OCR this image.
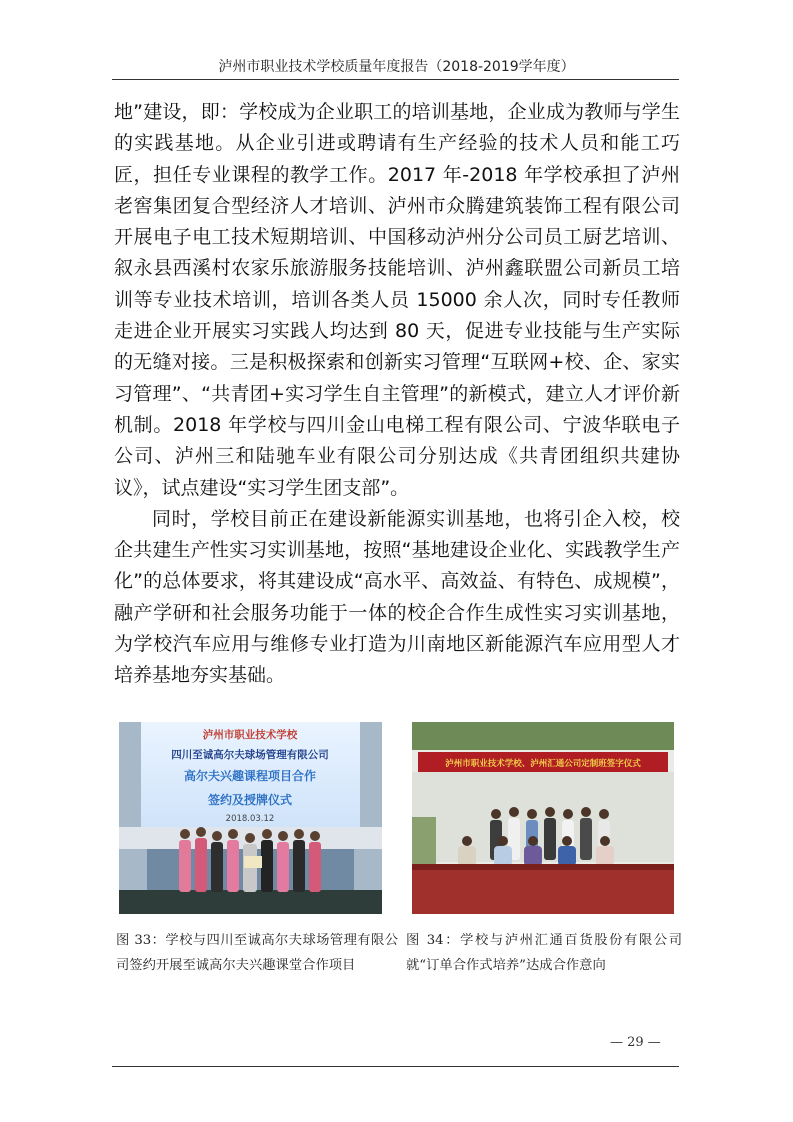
泸州市职业技术学校质量年度报告（2018-2019学年度）

地”建设，即：学校成为企业职工的培训基地，企业成为教师与学生的实践基地。从企业引进或聘请有生产经验的技术人员和能工巧匠，担任专业课程的教学工作。2017 年-2018 年学校承担了泸州老窖集团复合型经济人才培训、泸州市众腾建筑装饰工程有限公司开展电子电工技术短期培训、中国移动泸州分公司员工厨艺培训、叙永县西溪村农家乐旅游服务技能培训、泸州鑫联盟公司新员工培训等专业技术培训，培训各类人员 15000 余人次，同时专任教师走进企业开展实习实践人均达到 80 天，促进专业技能与生产实际的无缝对接。三是积极探索和创新实习管理“互联网+校、企、家实习管理”、“共青团+实习学生自主管理”的新模式，建立人才评价新机制。2018 年学校与四川金山电梯工程有限公司、宁波华联电子公司、泸州三和陆驰车业有限公司分别达成《共青团组织共建协议》，试点建设“实习学生团支部”。

同时，学校目前正在建设新能源实训基地，也将引企入校，校企共建生产性实习实训基地，按照“基地建设企业化、实践教学生产化”的总体要求，将其建设成“高水平、高效益、有特色、成规模”，融产学研和社会服务功能于一体的校企合作生成性实习实训基地，为学校汽车应用与维修专业打造为川南地区新能源汽车应用型人才培养基地夯实基础。

泸州市职业技术学校
四川至诚高尔夫球场管理有限公司
高尔夫兴趣课程项目合作
签约及授牌仪式
2018.03.12
泸州市职业技术学校、泸州汇通公司定制班签字仪式

图 33：学校与四川至诚高尔夫球场管理有限公司签约开展至诚高尔夫兴趣课堂合作项目

图 34：学校与泸州汇通百货股份有限公司就“订单合作式培养”达成合作意向

— 29 —
